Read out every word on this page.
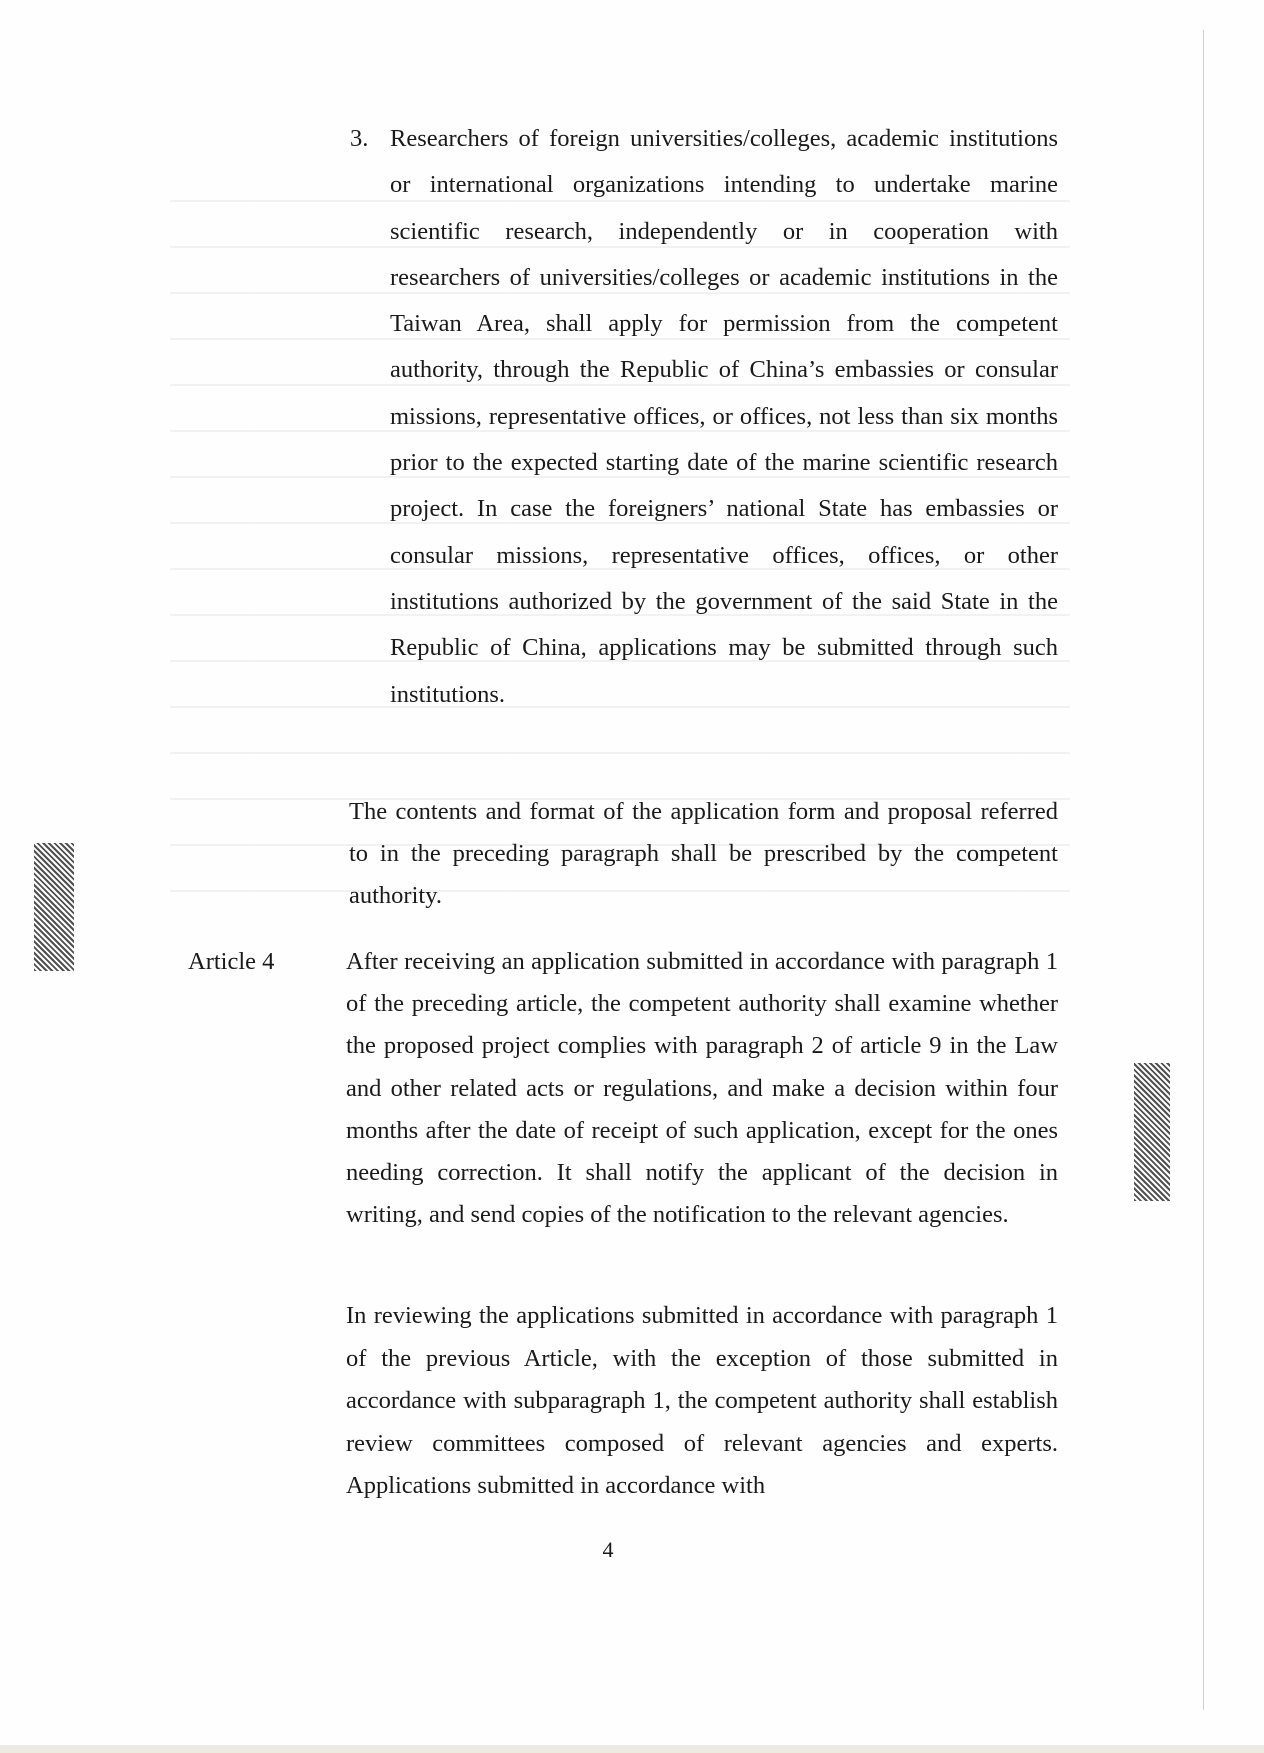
3. Researchers of foreign universities/colleges, academic institutions or international organizations intending to undertake marine scientific research, independently or in cooperation with researchers of universities/colleges or academic institutions in the Taiwan Area, shall apply for permission from the competent authority, through the Republic of China’s embassies or consular missions, representative offices, or offices, not less than six months prior to the expected starting date of the marine scientific research project. In case the foreigners’ national State has embassies or consular missions, representative offices, offices, or other institutions authorized by the government of the said State in the Republic of China, applications may be submitted through such institutions.

The contents and format of the application form and proposal referred to in the preceding paragraph shall be prescribed by the competent authority.

Article 4	After receiving an application submitted in accordance with paragraph 1 of the preceding article, the competent authority shall examine whether the proposed project complies with paragraph 2 of article 9 in the Law and other related acts or regulations, and make a decision within four months after the date of receipt of such application, except for the ones needing correction. It shall notify the applicant of the decision in writing, and send copies of the notification to the relevant agencies.

In reviewing the applications submitted in accordance with paragraph 1 of the previous Article, with the exception of those submitted in accordance with subparagraph 1, the competent authority shall establish review committees composed of relevant agencies and experts. Applications submitted in accordance with

4
